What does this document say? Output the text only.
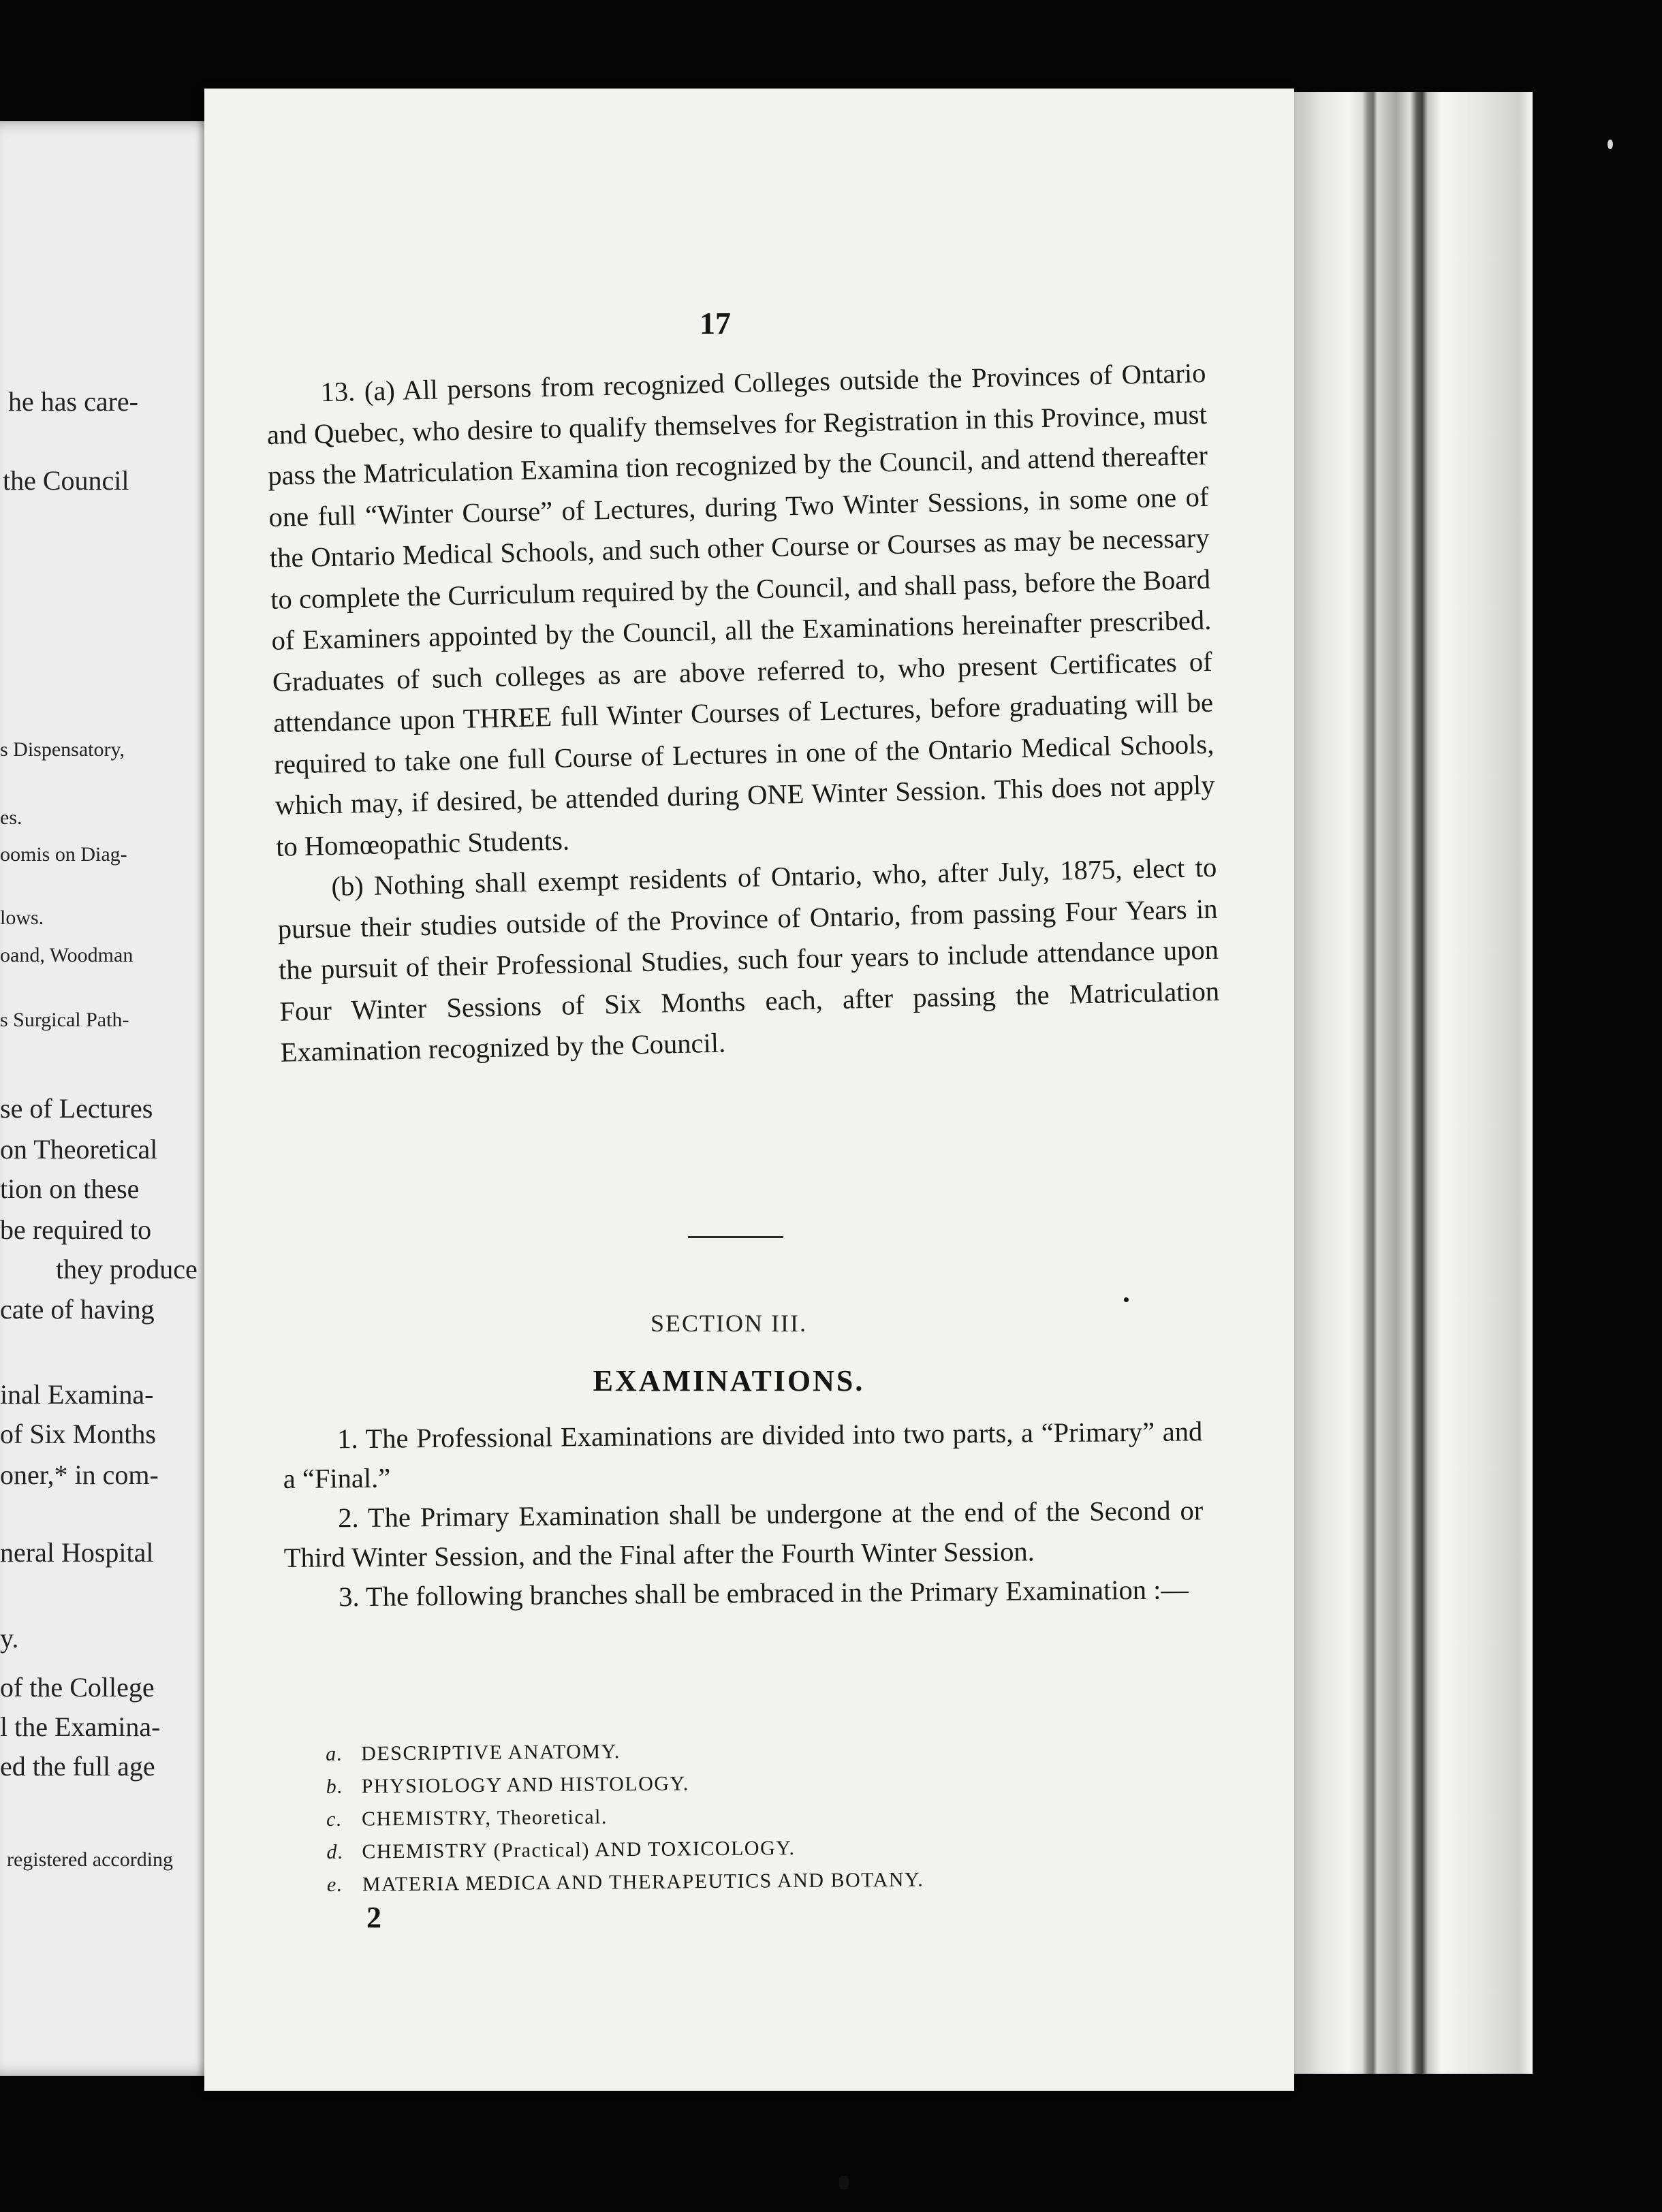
he has care-
the Council
s Dispensatory,
es.
oomis on Diag-
lows.
oand, Woodman
s Surgical Path-
se of Lectures
on Theoretical
tion on these
be required to
they produce
cate of having
inal Examina-
of Six Months
oner,* in com-
neral Hospital
y.
of the College
l the Examina-
ed the full age
registered according
17

13. (a) All persons from recognized Colleges outside the Provinces of Ontario and Quebec, who desire to qualify themselves for Registration in this Province, must pass the Matriculation Examina tion recognized by the Council, and attend thereafter one full “Winter Course” of Lectures, during Two Winter Sessions, in some one of the Ontario Medical Schools, and such other Course or Courses as may be necessary to complete the Curriculum required by the Council, and shall pass, before the Board of Examiners appointed by the Council, all the Examinations hereinafter prescribed. Graduates of such colleges as are above referred to, who present Certificates of attendance upon THREE full Winter Courses of Lectures, before graduating will be required to take one full Course of Lectures in one of the Ontario Medical Schools, which may, if desired, be attended during ONE Winter Session. This does not apply to Homœopathic Students.

(b) Nothing shall exempt residents of Ontario, who, after July, 1875, elect to pursue their studies outside of the Province of Ontario, from passing Four Years in the pursuit of their Professional Studies, such four years to include attendance upon Four Winter Sessions of Six Months each, after passing the Matriculation Examination recognized by the Council.

SECTION III.
EXAMINATIONS.

1. The Professional Examinations are divided into two parts, a “Primary” and a “Final.”

2. The Primary Examination shall be undergone at the end of the Second or Third Winter Session, and the Final after the Fourth Winter Session.

3. The following branches shall be embraced in the Primary Examination :—

a. DESCRIPTIVE ANATOMY.
b. PHYSIOLOGY AND HISTOLOGY.
c. CHEMISTRY, Theoretical.
d. CHEMISTRY (Practical) AND TOXICOLOGY.
e. MATERIA MEDICA AND THERAPEUTICS AND BOTANY.
2
